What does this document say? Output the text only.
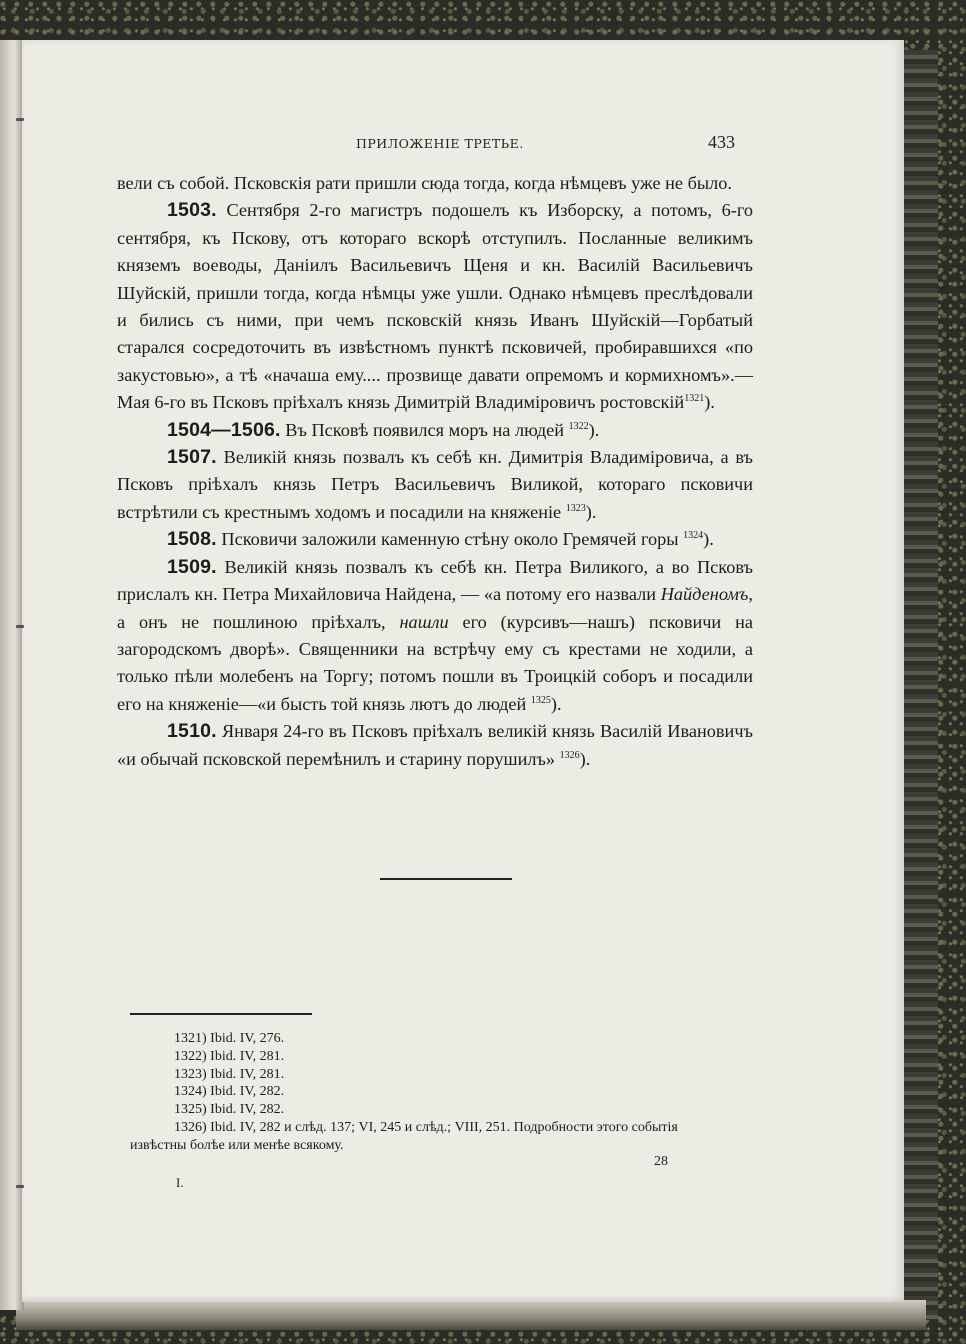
ПРИЛОЖЕНІЕ ТРЕТЬЕ.	433

вели съ собой. Псковскія рати пришли сюда тогда, когда нѣмцевъ уже не было.

1503. Сентября 2-го магистръ подошелъ къ Изборску, а потомъ, 6-го сентября, къ Пскову, отъ котораго вскорѣ отступилъ. Посланные великимъ княземъ воеводы, Даніилъ Васильевичъ Щеня и кн. Василій Васильевичъ Шуйскій, пришли тогда, когда нѣмцы уже ушли. Однако нѣмцевъ преслѣдовали и бились съ ними, при чемъ псковскій князь Иванъ Шуйскій—Горбатый старался сосредоточить въ извѣстномъ пунктѣ псковичей, пробиравшихся «по закустовью», а тѣ «начаша ему.... прозвище давати опремомъ и кормихномъ».—Мая 6-го въ Псковъ пріѣхалъ князь Димитрій Владиміровичъ ростовскій$^{1321}$).

1504—1506. Въ Псковѣ появился моръ на людей $^{1322}$).

1507. Великій князь позвалъ къ себѣ кн. Димитрія Владиміровича, а въ Псковъ пріѣхалъ князь Петръ Васильевичъ Виликой, котораго псковичи встрѣтили съ крестнымъ ходомъ и посадили на княженіе $^{1323}$).

1508. Псковичи заложили каменную стѣну около Гремячей горы $^{1324}$).

1509. Великій князь позвалъ къ себѣ кн. Петра Виликого, а во Псковъ прислалъ кн. Петра Михайловича Найдена, — «а потому его назвали Найденомъ, а онъ не пошлиною пріѣхалъ, нашли его (курсивъ—нашъ) псковичи на загородскомъ дворѣ». Священники на встрѣчу ему съ крестами не ходили, а только пѣли молебенъ на Торгу; потомъ пошли въ Троицкій соборъ и посадили его на княженіе—«и бысть той князь лютъ до людей $^{1325}$).

1510. Января 24-го въ Псковъ пріѣхалъ великій князь Василій Ивановичъ «и обычай псковской перемѣнилъ и старину порушилъ» $^{1326}$).

1321) Ibid. IV, 276.
1322) Ibid. IV, 281.
1323) Ibid. IV, 281.
1324) Ibid. IV, 282.
1325) Ibid. IV, 282.
1326) Ibid. IV, 282 и слѣд. 137; VI, 245 и слѣд.; VIII, 251. Подробности этого событія
извѣстны болѣе или менѣе всякому.
28
I.
